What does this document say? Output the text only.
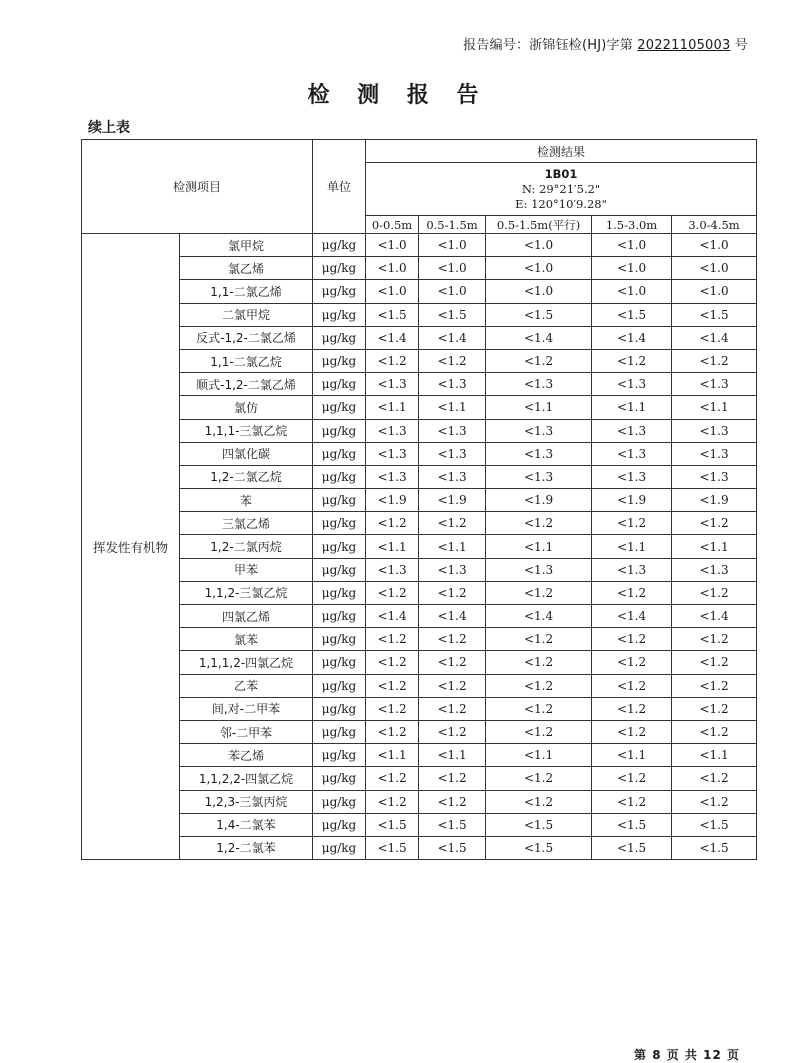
报告编号：浙锦钰检(HJ)字第 20221105003 号
检 测 报 告
续上表
检测项目		单位	检测结果				

			1B01
N: 29°21′5.2"
E: 120°10′9.28"				

			0-0.5m	0.5-1.5m	0.5-1.5m(平行)	1.5-3.0m	3.0-4.5m
挥发性有机物	氯甲烷	μg/kg	<1.0	<1.0	<1.0	<1.0	<1.0
	氯乙烯	μg/kg	<1.0	<1.0	<1.0	<1.0	<1.0
	1,1-二氯乙烯	μg/kg	<1.0	<1.0	<1.0	<1.0	<1.0
	二氯甲烷	μg/kg	<1.5	<1.5	<1.5	<1.5	<1.5
	反式-1,2-二氯乙烯	μg/kg	<1.4	<1.4	<1.4	<1.4	<1.4
	1,1-二氯乙烷	μg/kg	<1.2	<1.2	<1.2	<1.2	<1.2
	顺式-1,2-二氯乙烯	μg/kg	<1.3	<1.3	<1.3	<1.3	<1.3
	氯仿	μg/kg	<1.1	<1.1	<1.1	<1.1	<1.1
	1,1,1-三氯乙烷	μg/kg	<1.3	<1.3	<1.3	<1.3	<1.3
	四氯化碳	μg/kg	<1.3	<1.3	<1.3	<1.3	<1.3
	1,2-二氯乙烷	μg/kg	<1.3	<1.3	<1.3	<1.3	<1.3
	苯	μg/kg	<1.9	<1.9	<1.9	<1.9	<1.9
	三氯乙烯	μg/kg	<1.2	<1.2	<1.2	<1.2	<1.2
	1,2-二氯丙烷	μg/kg	<1.1	<1.1	<1.1	<1.1	<1.1
	甲苯	μg/kg	<1.3	<1.3	<1.3	<1.3	<1.3
	1,1,2-三氯乙烷	μg/kg	<1.2	<1.2	<1.2	<1.2	<1.2
	四氯乙烯	μg/kg	<1.4	<1.4	<1.4	<1.4	<1.4
	氯苯	μg/kg	<1.2	<1.2	<1.2	<1.2	<1.2
	1,1,1,2-四氯乙烷	μg/kg	<1.2	<1.2	<1.2	<1.2	<1.2
	乙苯	μg/kg	<1.2	<1.2	<1.2	<1.2	<1.2
	间,对-二甲苯	μg/kg	<1.2	<1.2	<1.2	<1.2	<1.2
	邻-二甲苯	μg/kg	<1.2	<1.2	<1.2	<1.2	<1.2
	苯乙烯	μg/kg	<1.1	<1.1	<1.1	<1.1	<1.1
	1,1,2,2-四氯乙烷	μg/kg	<1.2	<1.2	<1.2	<1.2	<1.2
	1,2,3-三氯丙烷	μg/kg	<1.2	<1.2	<1.2	<1.2	<1.2
	1,4-二氯苯	μg/kg	<1.5	<1.5	<1.5	<1.5	<1.5
	1,2-二氯苯	μg/kg	<1.5	<1.5	<1.5	<1.5	<1.5
第 8 页 共 12 页
